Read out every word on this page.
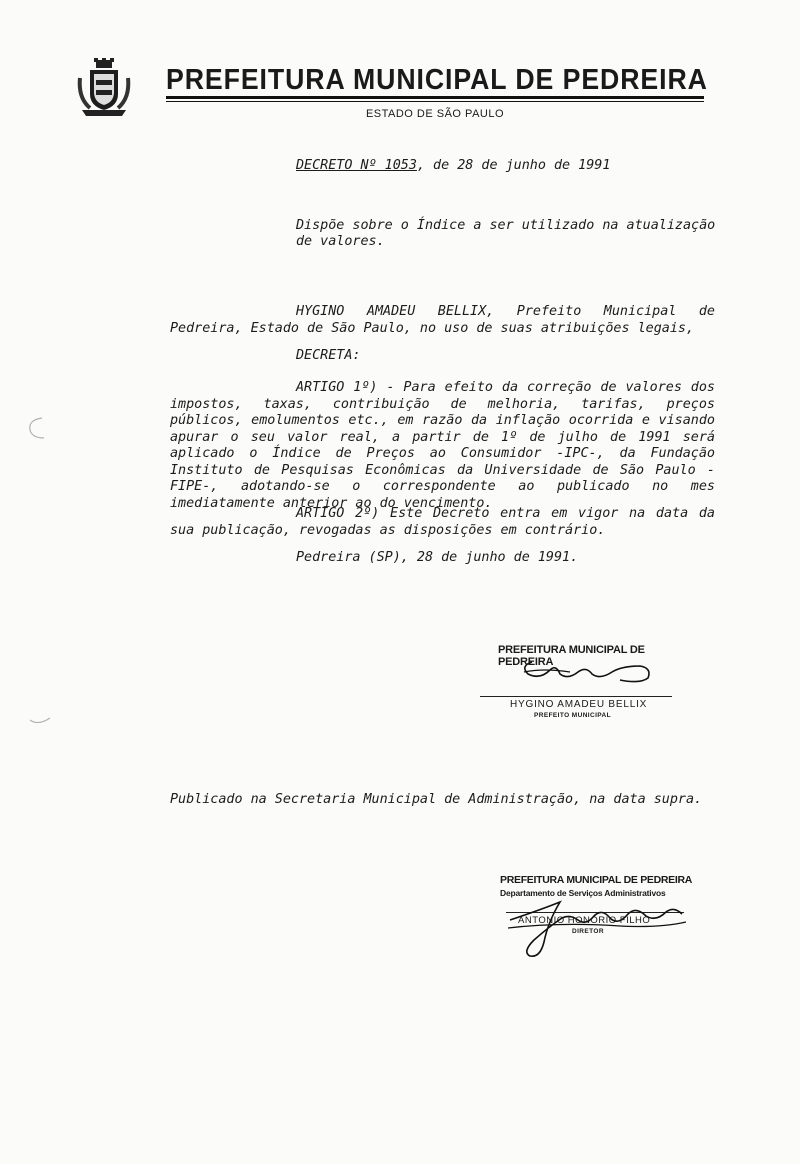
PREFEITURA MUNICIPAL DE PEDREIRA
ESTADO DE SÃO PAULO
DECRETO Nº 1053, de 28 de junho de 1991
Dispõe sobre o Índice a ser utilizado na atualização de valores.
HYGINO AMADEU BELLIX, Prefeito Municipal de Pedreira, Estado de São Paulo, no uso de suas atribuições legais,
DECRETA:
ARTIGO 1º) - Para efeito da correção de valores dos impostos, taxas, contribuição de melhoria, tarifas, preços públicos, emolumentos etc., em razão da inflação ocorrida e visando apurar o seu valor real, a partir de 1º de julho de 1991 será aplicado o Índice de Preços ao Consumidor -IPC-, da Fundação Instituto de Pesquisas Econômicas da Universidade de São Paulo -FIPE-, adotando-se o correspondente ao publicado no mes imediatamente anterior ao do vencimento.
ARTIGO 2º) Este Decreto entra em vigor na data da sua publicação, revogadas as disposições em contrário.
Pedreira (SP), 28 de junho de 1991.
PREFEITURA MUNICIPAL DE PEDREIRA
HYGINO AMADEU BELLIX
PREFEITO MUNICIPAL
Publicado na Secretaria Municipal de Administração, na data supra.
PREFEITURA MUNICIPAL DE PEDREIRA
Departamento de Serviços Administrativos
ANTONIO HONORIO FILHO
DIRETOR
